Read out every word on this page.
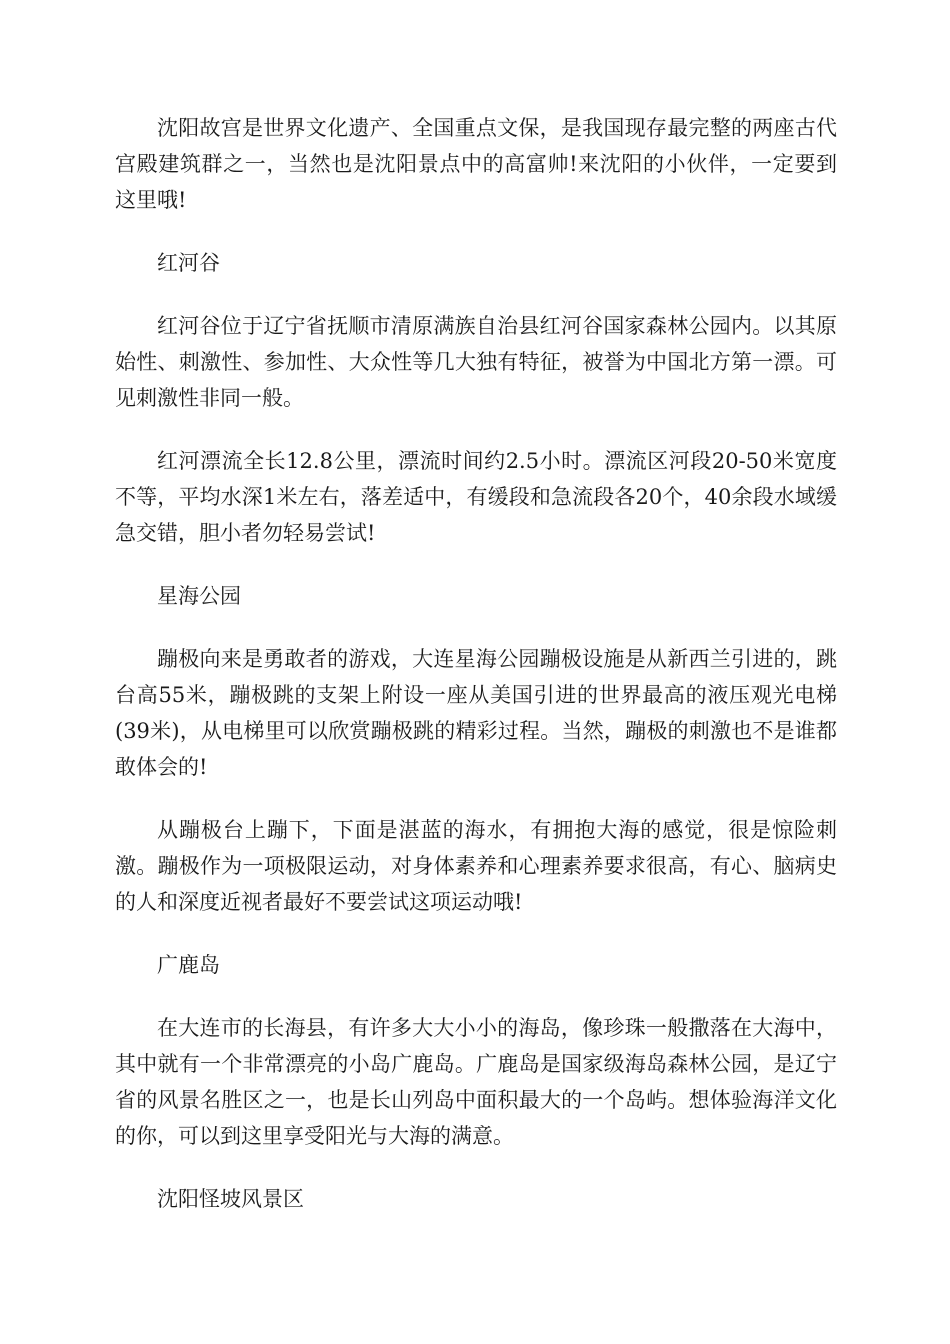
沈阳故宫是世界文化遗产、全国重点文保，是我国现存最完整的两座古代宫殿建筑群之一，当然也是沈阳景点中的高富帅!来沈阳的小伙伴，一定要到这里哦!

红河谷

红河谷位于辽宁省抚顺市清原满族自治县红河谷国家森林公园内。以其原始性、刺激性、参加性、大众性等几大独有特征，被誉为中国北方第一漂。可见刺激性非同一般。

红河漂流全长12.8公里，漂流时间约2.5小时。漂流区河段20-50米宽度不等，平均水深1米左右，落差适中，有缓段和急流段各20个，40余段水域缓急交错，胆小者勿轻易尝试!

星海公园

蹦极向来是勇敢者的游戏，大连星海公园蹦极设施是从新西兰引进的，跳台高55米，蹦极跳的支架上附设一座从美国引进的世界最高的液压观光电梯(39米)，从电梯里可以欣赏蹦极跳的精彩过程。当然，蹦极的刺激也不是谁都敢体会的!

从蹦极台上蹦下，下面是湛蓝的海水，有拥抱大海的感觉，很是惊险刺激。蹦极作为一项极限运动，对身体素养和心理素养要求很高，有心、脑病史的人和深度近视者最好不要尝试这项运动哦!

广鹿岛

在大连市的长海县，有许多大大小小的海岛，像珍珠一般撒落在大海中，其中就有一个非常漂亮的小岛广鹿岛。广鹿岛是国家级海岛森林公园，是辽宁省的风景名胜区之一，也是长山列岛中面积最大的一个岛屿。想体验海洋文化的你，可以到这里享受阳光与大海的满意。

沈阳怪坡风景区
